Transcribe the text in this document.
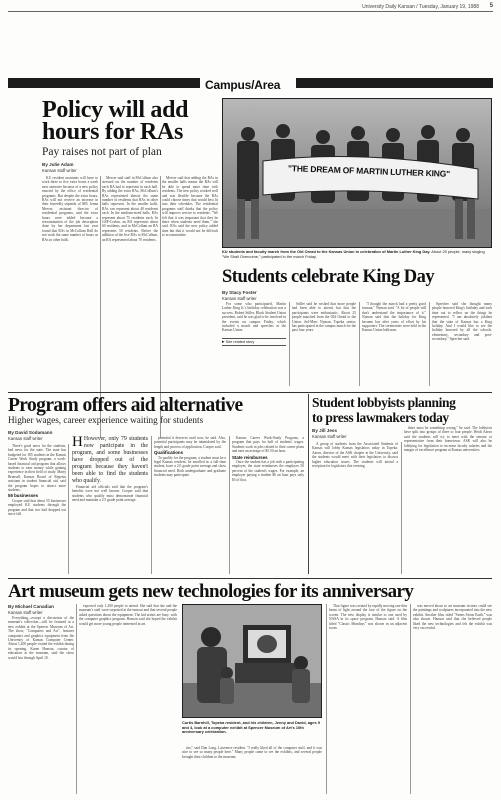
University Daily Kansan / Tuesday, January 19, 1988 5
Campus/Area
Policy will add
hours for RAs
Pay raises not part of plan
By Julie Adam
Kansan staff writer

KU resident assistants will have to work three to five extra hours a week next semester because of a new policy enacted by the office of residential programs. But despite the extra hours, RAs will not receive an increase in their biweekly stipends of $85. Jenna Mercer, assistant director of residential programs, said the extra hours were added because a reexamination of the job description done by her department last year found that RAs in McCollum Hall do not work the same number of hours as RAs in other halls.

Mercer said staff in McCollum also stressed on the number of residents each RA had to represent in each hall. By adding the extra RAs, McCollum's RAs represented almost the same number of residents that RAs in other halls represent. In the smaller halls, RAs can represent about 40 residents each. In the medium-sized halls, RAs represent about 75 residents each. In GSP-Corbin, an RA represents about 60 residents, and in McCollum an RA represents 50 residents. Before the addition of the five RAs to McCollum, an RA represented about 70 residents.

Mercer said that adding the RAs in the smaller halls means the RAs will be able to spend more time with residents. The new policy worked well and was flexible because the RAs could choose times that would best fit into their schedules. The residential programs staff thinks that the policy will improve service to residents. "We felt that it was important that they be there when students need them," she said. RAs said the new policy added time but that it would not be difficult to accommodate.

"THE DREAM OF MARTIN LUTHER KING"
KU students and faculty march from the Old Oread to the Kansas Union in celebration of Martin Luther King Day. About 25 people, many singing "We Shall Overcome," participated in the march Friday.
Students celebrate King Day
By Stacy Foster
Kansan staff writer

For some who participated, Martin Luther King Jr.'s birthday celebration was a success. Robert Stiller, Black Student Union president, said he was glad to be involved in the events on campus Friday, which included a march and speeches at the Kansas Union.

▸ See related story

Stiller said he wished that more people had been able to attend, but that the participants were enthusiastic. About 25 people marched from the Old Oread to the Union. Jed-Marc Nyman, Topeka senior, has participated in the campus march for the past four years.

"I thought the march had a pretty good turnout," Nyman said. "A lot of people still don't understand the importance of it." Nyman said that the holiday for King became law after years of effort by his supporters. The ceremonies were held in the Kansas Union ballroom.

Sprecher said she thought many people honored King's birthday and took time out to reflect on the things he represented. "I am absolutely jubilant that the state of Kansas has a King holiday. And I would like to see the holiday honored by all the schools, elementary, secondary and post-secondary," Sprecher said.

Program offers aid alternative
Higher wages, career experience waiting for students
By David Sodamann
Kansan staff writer

There's good news for the students, bad news for the state. The state has budgeted for 185 students in the Kansas Career Work Study program, a work-based financial aid program that allows students to earn money while gaining experience in their field of study. Marty Brunsell, Kansas Board of Regents assistant in student financial aid, said the program hopes to attract more students.

55 businesses

Cooper said that about 55 businesses employed KU students through the program and that two had dropped out since fall.

H However, only 79 students now participate in the program, and some businesses have dropped out of the program because they haven't been able to find the students who qualify.

Financial aid officials said that the program's benefits were not well known. Cooper said that students who qualify must demonstrate financial need and maintain a 2.5 grade point average.

potential it deserves until now, he said. Also, potential participants may be intimidated by the length and process of application, Cooper said.

Qualifications

To qualify for the program, a student must be a legal Kansas resident, be enrolled as a full-time student, have a 2.0 grade point average and show financial need. Both undergraduate and graduate students may participate.

Kansas Career Work-Study Program, a program that pays for half of students' wages. Students work in jobs related to their career plans and earn an average of $5.50 an hour.

State reimburses

Once the student has a job with a participating employer, the state reimburses the employer 50 percent of the student's wages. For example, an employer paying a student $6 an hour pays only $3 of that.

Student lobbyists planning
to press lawmakers today
By Jill Jess
Kansan staff writer

A group of students from the Associated Students of Kansas will lobby Kansas legislators today in Topeka. Aaron, director of the ASK chapter at the University, said the students would meet with their legislators to discuss higher education issues. The students will attend a reception for legislators this evening.

there must be something wrong," he said. The lobbyists have split into groups of three to four people. Heidi Aaron said the students will try to meet with the senator or representative from their hometown. ASK will also be lobbying for legislation to increase faculty salaries and the margin of excellence program at Kansas universities.

Art museum gets new technologies for its anniversary
By Michael Canadian
Kansan staff writer

Everything—except a discussion of the museum's collection—will be featured at a new exhibit at the Spencer Museum of Art. The show, "Computers and Art", features computers and graphics equipment from the University of Kansas Computer Center. About 1,200 people visited the exhibit during its opening. Karen Hanson, curator of education at the museum, said the show would last through April 10.

expected only 1,200 people to attend. She said that she and the museum's staff were surprised at the turnout and that several people asked questions about the equipment. The kid artists are busy, with the computer graphics program. Hanson said she hoped the exhibit would get more young people interested in art.

Curtis Barnhill, Topeka resident, and his children, Jenny and David, ages 9 and 4, look at a computer exhibit at Spencer Museum of Art's 10th anniversary celebration.

tier," said Dan Long, Lawrence resident. "I really liked all of the computer stuff, and it was nice to see so many people here." Many people came to see the exhibits, and several people brought their children to the museum.

That figure was created by rapidly moving one thin beam of light around the face of the figure on the screen. The new display is similar to one used by NASA in its space program, Hanson said. A film titled "Classic Mondays" was shown in an adjacent room.

was moved about so art museum visitors could see the paintings and sculptures incorporated into the new exhibit. Another film, titled "Sirens Sirius Earth," was also shown. Hanson said that she believed people liked the new technologies and felt the exhibit was very successful.
